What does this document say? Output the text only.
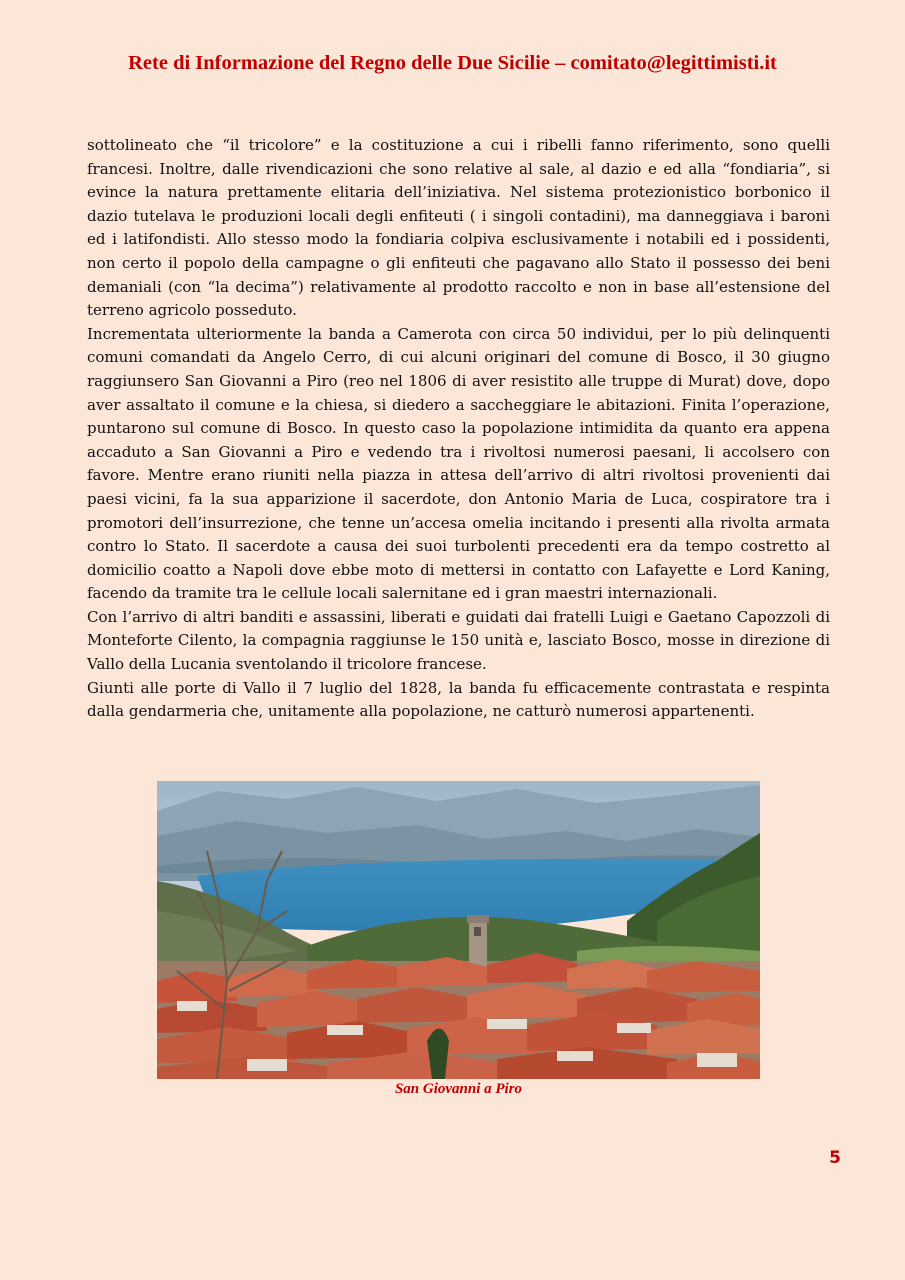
Rete di Informazione del Regno delle Due Sicilie – comitato@legittimisti.it

sottolineato che “il tricolore” e la costituzione a cui i ribelli fanno riferimento, sono quelli francesi. Inoltre, dalle rivendicazioni che sono relative al sale, al dazio e ed alla “fondiaria”, si evince la natura prettamente elitaria dell’iniziativa. Nel sistema protezionistico borbonico il dazio tutelava le produzioni locali degli enfiteuti ( i singoli contadini), ma danneggiava i baroni ed i latifondisti. Allo stesso modo la fondiaria colpiva esclusivamente i notabili ed i possidenti, non certo il popolo della campagne o gli enfiteuti che pagavano allo Stato il possesso dei beni demaniali (con “la decima”) relativamente al prodotto raccolto e non in base all’estensione del terreno agricolo posseduto.

Incrementata ulteriormente la banda a Camerota con circa 50 individui, per lo più delinquenti comuni comandati da Angelo Cerro, di cui alcuni originari del comune di Bosco, il 30 giugno raggiunsero San Giovanni a Piro (reo nel 1806 di aver resistito alle truppe di Murat) dove, dopo aver assaltato il comune e la chiesa, si diedero a saccheggiare le abitazioni. Finita l’operazione, puntarono sul comune di Bosco. In questo caso la popolazione intimidita da quanto era appena accaduto a San Giovanni a Piro e vedendo tra i rivoltosi numerosi paesani, li accolsero con favore. Mentre erano riuniti nella piazza in attesa dell’arrivo di altri rivoltosi provenienti dai paesi vicini, fa la sua apparizione il sacerdote, don Antonio Maria de Luca, cospiratore tra i promotori dell’insurrezione, che tenne un’accesa omelia incitando i presenti alla rivolta armata contro lo Stato. Il sacerdote a causa dei suoi turbolenti precedenti era da tempo costretto al domicilio coatto a Napoli dove ebbe moto di mettersi in contatto con Lafayette e Lord Kaning, facendo da tramite tra le cellule locali salernitane ed i gran maestri internazionali.

Con l’arrivo di altri banditi e assassini, liberati e guidati dai fratelli Luigi e Gaetano Capozzoli di Monteforte Cilento, la compagnia raggiunse le 150 unità e, lasciato Bosco, mosse in direzione di Vallo della Lucania sventolando il tricolore francese.

Giunti alle porte di Vallo il 7 luglio del 1828, la banda fu efficacemente contrastata e respinta dalla gendarmeria che, unitamente alla popolazione, ne catturò numerosi appartenenti.

San Giovanni a Piro
5
